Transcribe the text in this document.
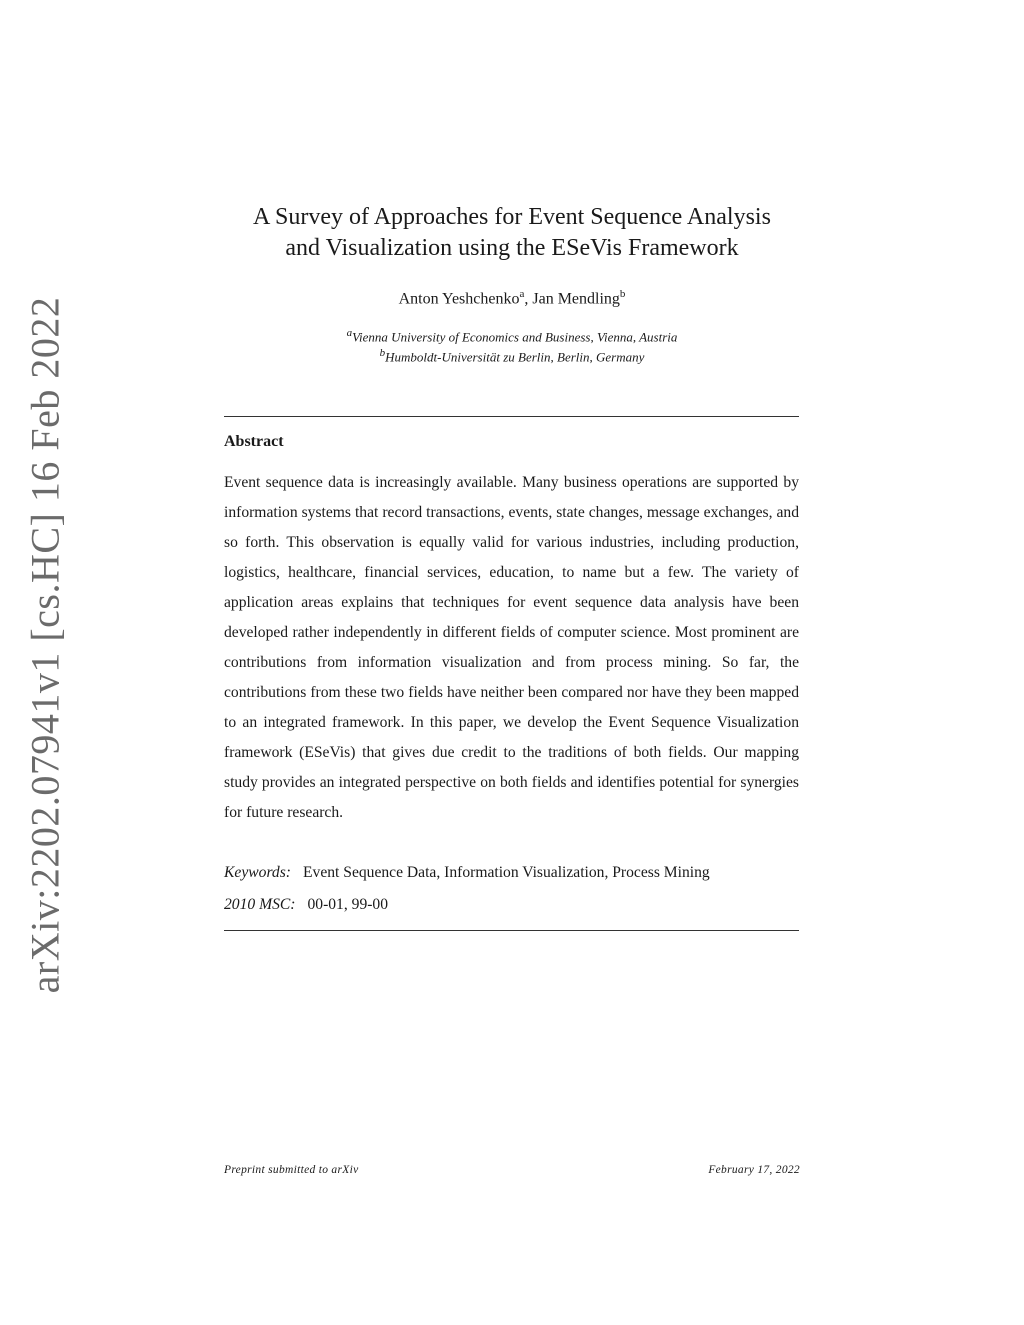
arXiv:2202.07941v1 [cs.HC] 16 Feb 2022
A Survey of Approaches for Event Sequence Analysis
and Visualization using the ESeVis Framework
Anton Yeshchenko$^a$, Jan Mendling$^b$
$^a$Vienna University of Economics and Business, Vienna, Austria
$^b$Humboldt-Universität zu Berlin, Berlin, Germany
Abstract
Event sequence data is increasingly available. Many business operations are supported by information systems that record transactions, events, state changes, message exchanges, and so forth. This observation is equally valid for various industries, including production, logistics, healthcare, financial services, education, to name but a few. The variety of application areas explains that techniques for event sequence data analysis have been developed rather independently in different fields of computer science. Most prominent are contributions from information visualization and from process mining. So far, the contributions from these two fields have neither been compared nor have they been mapped to an integrated framework. In this paper, we develop the Event Sequence Visualization framework (ESeVis) that gives due credit to the traditions of both fields. Our mapping study provides an integrated perspective on both fields and identifies potential for synergies for future research.
Keywords: Event Sequence Data, Information Visualization, Process Mining
2010 MSC: 00-01, 99-00
Preprint submitted to arXiv	February 17, 2022
